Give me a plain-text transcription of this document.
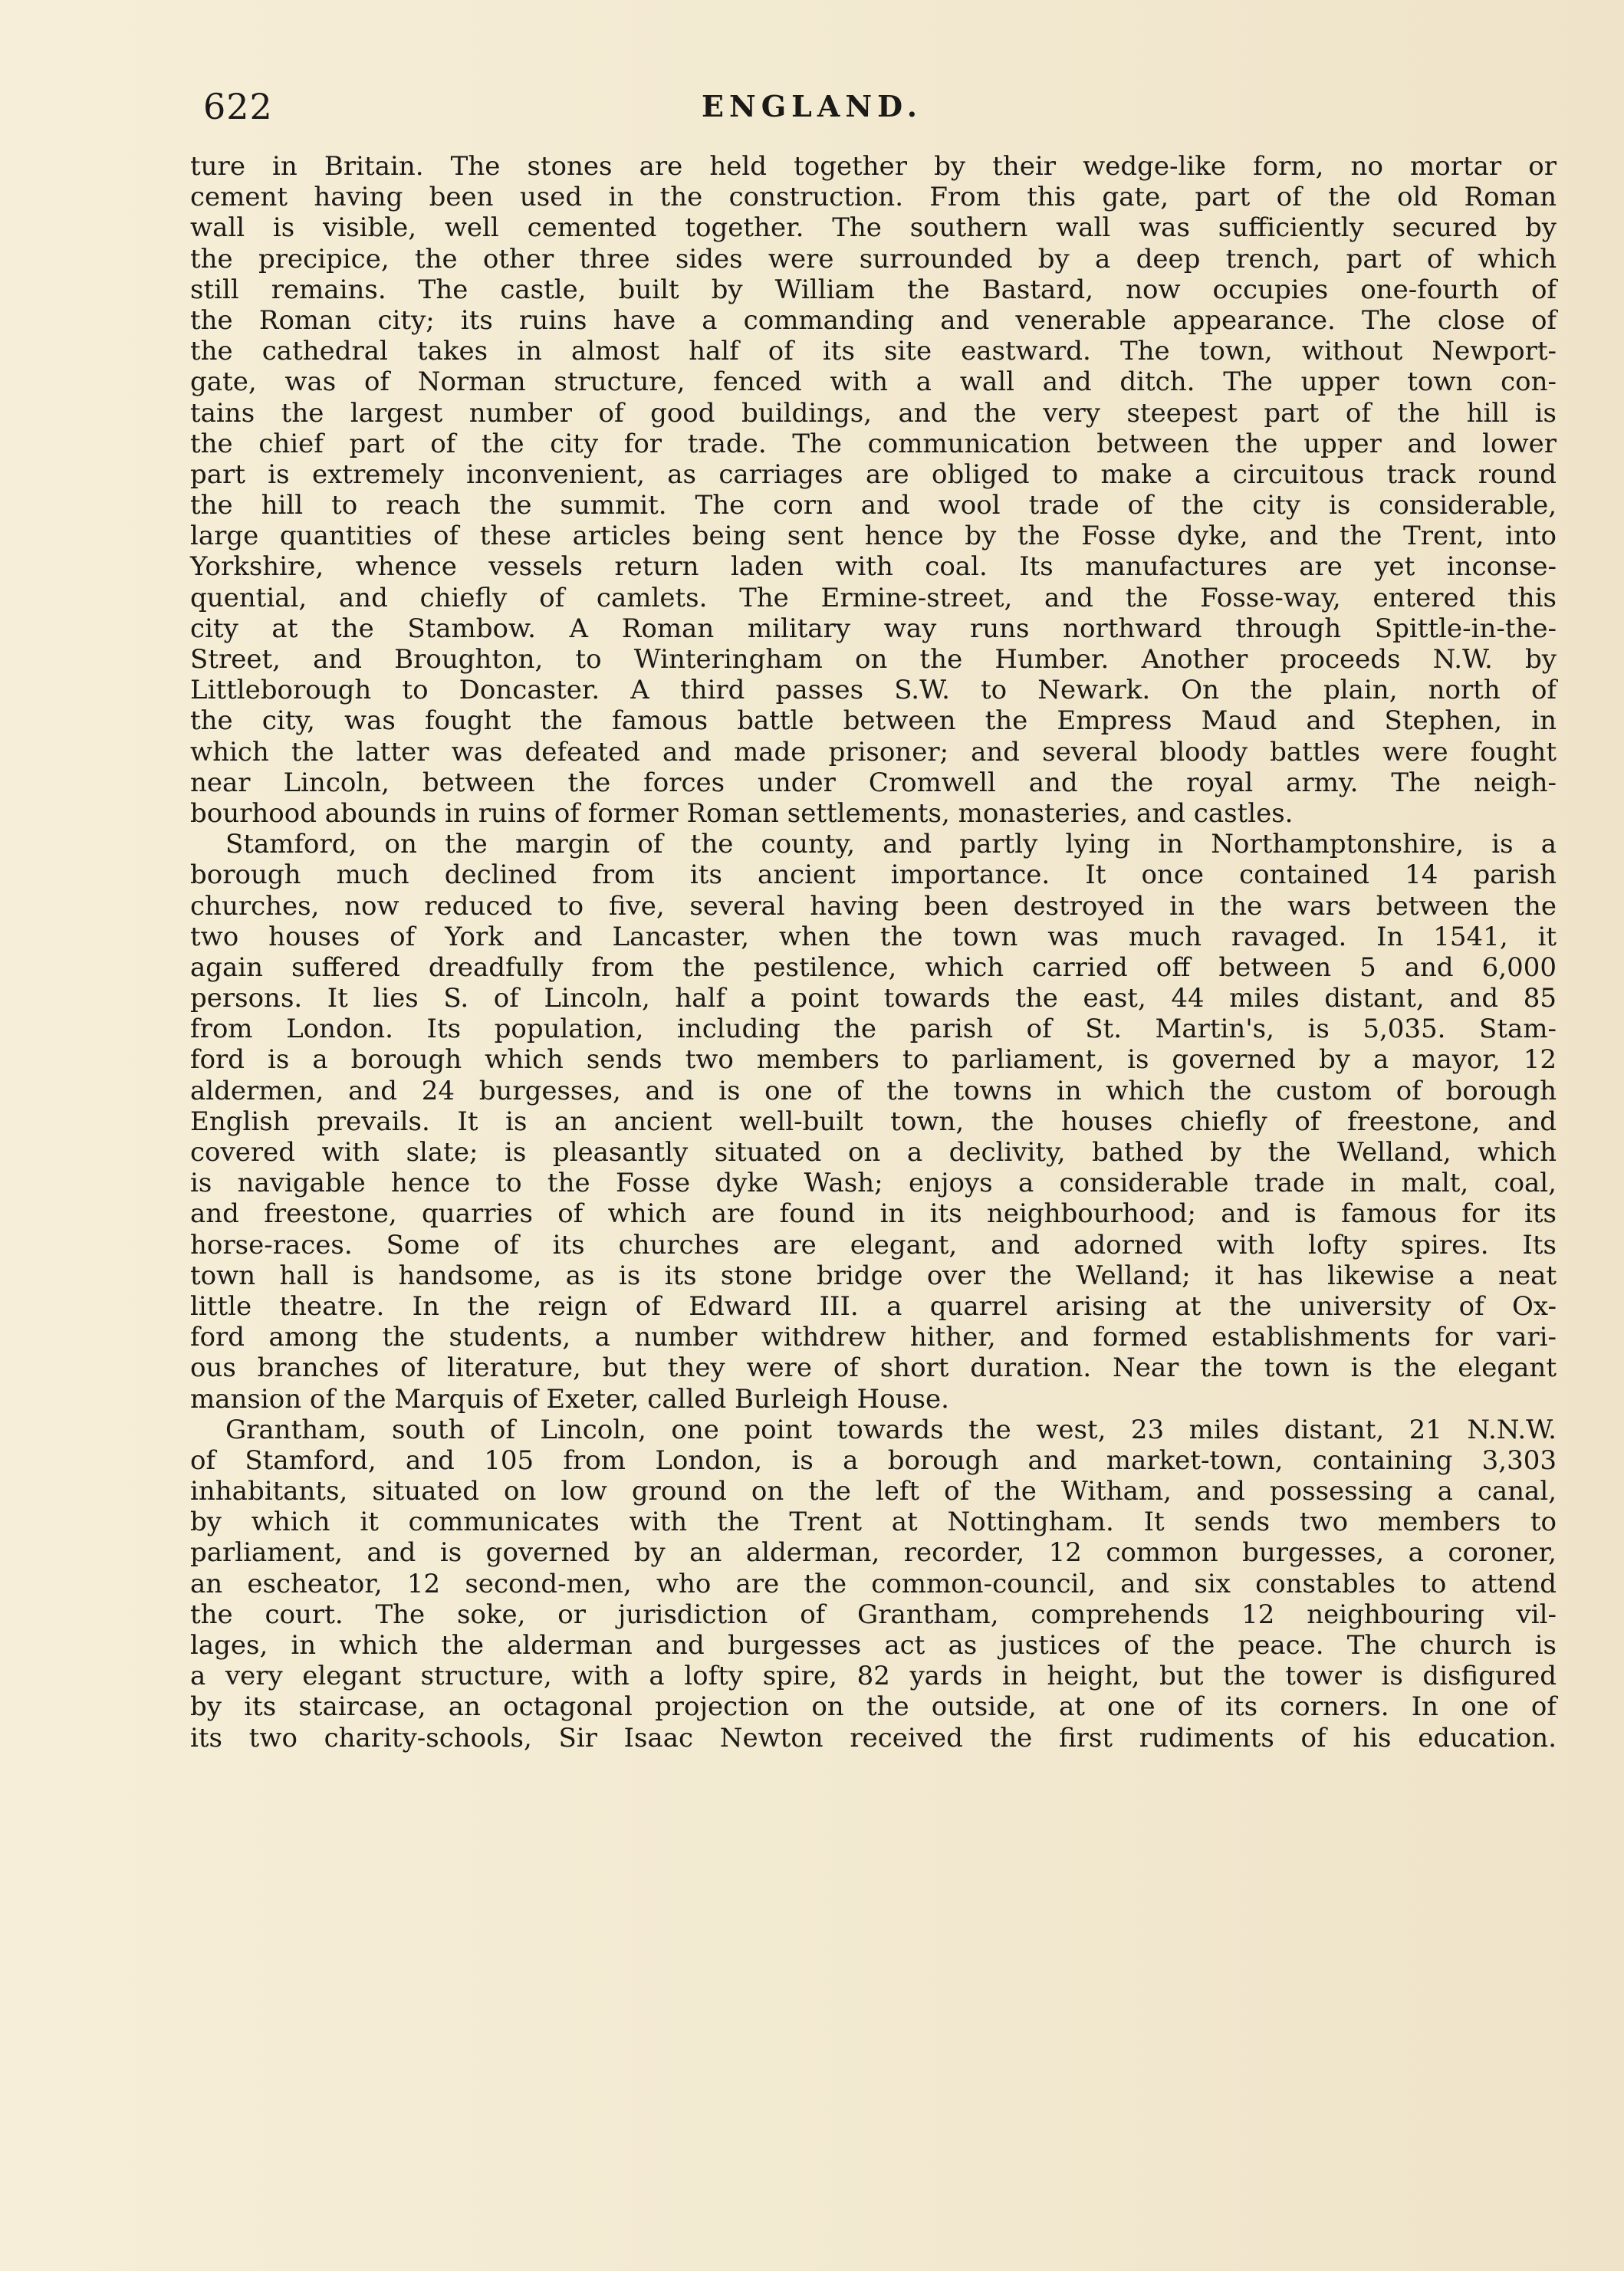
622	ENGLAND.
ture in Britain. The stones are held together by their wedge-like form, no mortar or
cement having been used in the construction. From this gate, part of the old Roman
wall is visible, well cemented together. The southern wall was sufficiently secured by
the precipice, the other three sides were surrounded by a deep trench, part of which
still remains. The castle, built by William the Bastard, now occupies one-fourth of
the Roman city; its ruins have a commanding and venerable appearance. The close of
the cathedral takes in almost half of its site eastward. The town, without Newport-
gate, was of Norman structure, fenced with a wall and ditch. The upper town con-
tains the largest number of good buildings, and the very steepest part of the hill is
the chief part of the city for trade. The communication between the upper and lower
part is extremely inconvenient, as carriages are obliged to make a circuitous track round
the hill to reach the summit. The corn and wool trade of the city is considerable,
large quantities of these articles being sent hence by the Fosse dyke, and the Trent, into
Yorkshire, whence vessels return laden with coal. Its manufactures are yet inconse-
quential, and chiefly of camlets. The Ermine-street, and the Fosse-way, entered this
city at the Stambow. A Roman military way runs northward through Spittle-in-the-
Street, and Broughton, to Winteringham on the Humber. Another proceeds N.W. by
Littleborough to Doncaster. A third passes S.W. to Newark. On the plain, north of
the city, was fought the famous battle between the Empress Maud and Stephen, in
which the latter was defeated and made prisoner; and several bloody battles were fought
near Lincoln, between the forces under Cromwell and the royal army. The neigh-
bourhood abounds in ruins of former Roman settlements, monasteries, and castles.
Stamford, on the margin of the county, and partly lying in Northamptonshire, is a
borough much declined from its ancient importance. It once contained 14 parish
churches, now reduced to five, several having been destroyed in the wars between the
two houses of York and Lancaster, when the town was much ravaged. In 1541, it
again suffered dreadfully from the pestilence, which carried off between 5 and 6,000
persons. It lies S. of Lincoln, half a point towards the east, 44 miles distant, and 85
from London. Its population, including the parish of St. Martin's, is 5,035. Stam-
ford is a borough which sends two members to parliament, is governed by a mayor, 12
aldermen, and 24 burgesses, and is one of the towns in which the custom of borough
English prevails. It is an ancient well-built town, the houses chiefly of freestone, and
covered with slate; is pleasantly situated on a declivity, bathed by the Welland, which
is navigable hence to the Fosse dyke Wash; enjoys a considerable trade in malt, coal,
and freestone, quarries of which are found in its neighbourhood; and is famous for its
horse-races. Some of its churches are elegant, and adorned with lofty spires. Its
town hall is handsome, as is its stone bridge over the Welland; it has likewise a neat
little theatre. In the reign of Edward III. a quarrel arising at the university of Ox-
ford among the students, a number withdrew hither, and formed establishments for vari-
ous branches of literature, but they were of short duration. Near the town is the elegant
mansion of the Marquis of Exeter, called Burleigh House.
Grantham, south of Lincoln, one point towards the west, 23 miles distant, 21 N.N.W.
of Stamford, and 105 from London, is a borough and market-town, containing 3,303
inhabitants, situated on low ground on the left of the Witham, and possessing a canal,
by which it communicates with the Trent at Nottingham. It sends two members to
parliament, and is governed by an alderman, recorder, 12 common burgesses, a coroner,
an escheator, 12 second-men, who are the common-council, and six constables to attend
the court. The soke, or jurisdiction of Grantham, comprehends 12 neighbouring vil-
lages, in which the alderman and burgesses act as justices of the peace. The church is
a very elegant structure, with a lofty spire, 82 yards in height, but the tower is disfigured
by its staircase, an octagonal projection on the outside, at one of its corners. In one of
its two charity-schools, Sir Isaac Newton received the first rudiments of his education.
